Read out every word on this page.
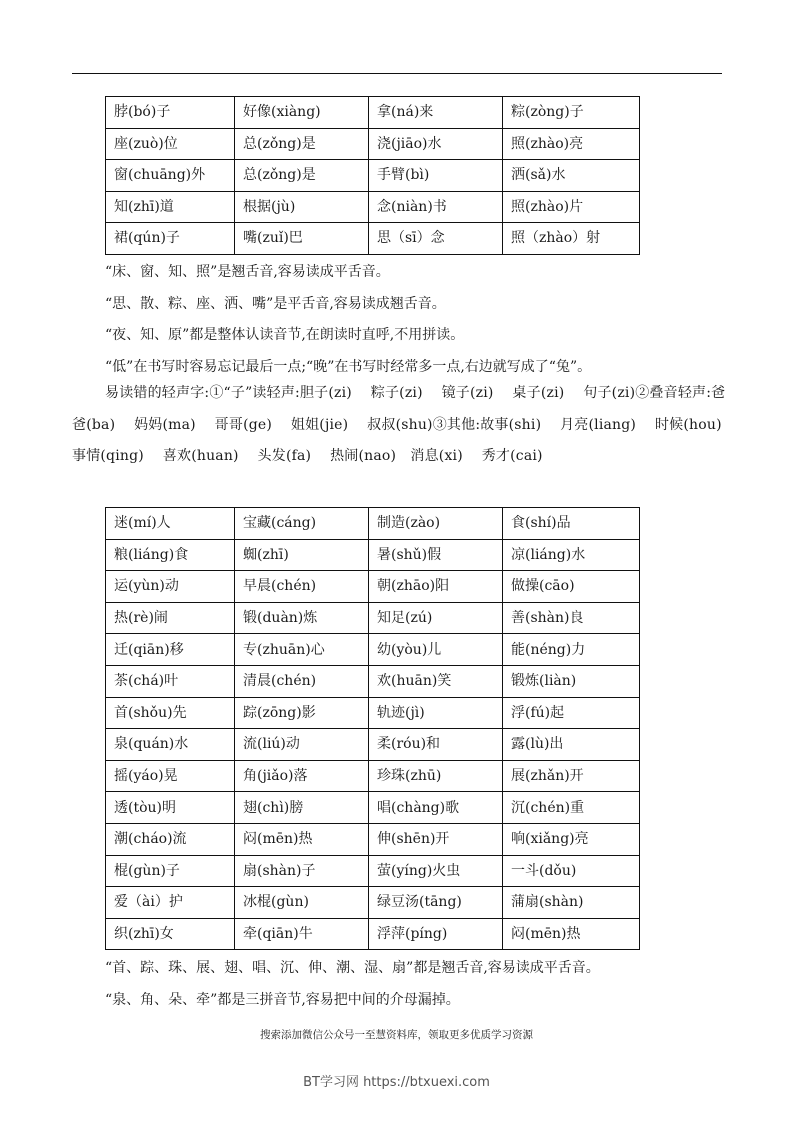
脖(bó)子	好像(xiàng)	拿(ná)来	粽(zòng)子
座(zuò)位	总(zǒng)是	浇(jiāo)水	照(zhào)亮
窗(chuāng)外	总(zǒng)是	手臂(bì)	洒(sǎ)水
知(zhī)道	根据(jù)	念(niàn)书	照(zhào)片
裙(qún)子	嘴(zuǐ)巴	思（sī）念	照（zhào）射

“床、窗、知、照”是翘舌音,容易读成平舌音。

“思、散、粽、座、洒、嘴”是平舌音,容易读成翘舌音。

“夜、知、原”都是整体认读音节,在朗读时直呼,不用拼读。

“低”在书写时容易忘记最后一点;“晚”在书写时经常多一点,右边就写成了“兔”。

易读错的轻声字:①“子”读轻声:胆子(zi)　 粽子(zi)　 镜子(zi)　 桌子(zi)　 句子(zi)②叠音轻声:爸爸(ba)　 妈妈(ma)　 哥哥(ge)　 姐姐(jie)　 叔叔(shu)③其他:故事(shi)　 月亮(liang)　 时候(hou)　 事情(qing)　 喜欢(huan)　 头发(fa)　 热闹(nao)　消息(xi)　 秀才(cai)

迷(mí)人	宝藏(cáng)	制造(zào)	食(shí)品
粮(liáng)食	蜘(zhī)	暑(shǔ)假	凉(liáng)水
运(yùn)动	早晨(chén)	朝(zhāo)阳	做操(cāo)
热(rè)闹	锻(duàn)炼	知足(zú)	善(shàn)良
迁(qiān)移	专(zhuān)心	幼(yòu)儿	能(néng)力
茶(chá)叶	清晨(chén)	欢(huān)笑	锻炼(liàn)
首(shǒu)先	踪(zōng)影	轨迹(jì)	浮(fú)起
泉(quán)水	流(liú)动	柔(róu)和	露(lù)出
摇(yáo)晃	角(jiǎo)落	珍珠(zhū)	展(zhǎn)开
透(tòu)明	翅(chì)膀	唱(chàng)歌	沉(chén)重
潮(cháo)流	闷(mēn)热	伸(shēn)开	响(xiǎng)亮
棍(gùn)子	扇(shàn)子	萤(yíng)火虫	一斗(dǒu)
爱（ài）护	冰棍(gùn)	绿豆汤(tāng)	蒲扇(shàn)
织(zhī)女	牵(qiān)牛	浮萍(píng)	闷(mēn)热

“首、踪、珠、展、翅、唱、沉、伸、潮、湿、扇”都是翘舌音,容易读成平舌音。

“泉、角、朵、牵”都是三拼音节,容易把中间的介母漏掉。

搜索添加微信公众号一至慧资料库，领取更多优质学习资源
BT学习网 https://btxuexi.com
